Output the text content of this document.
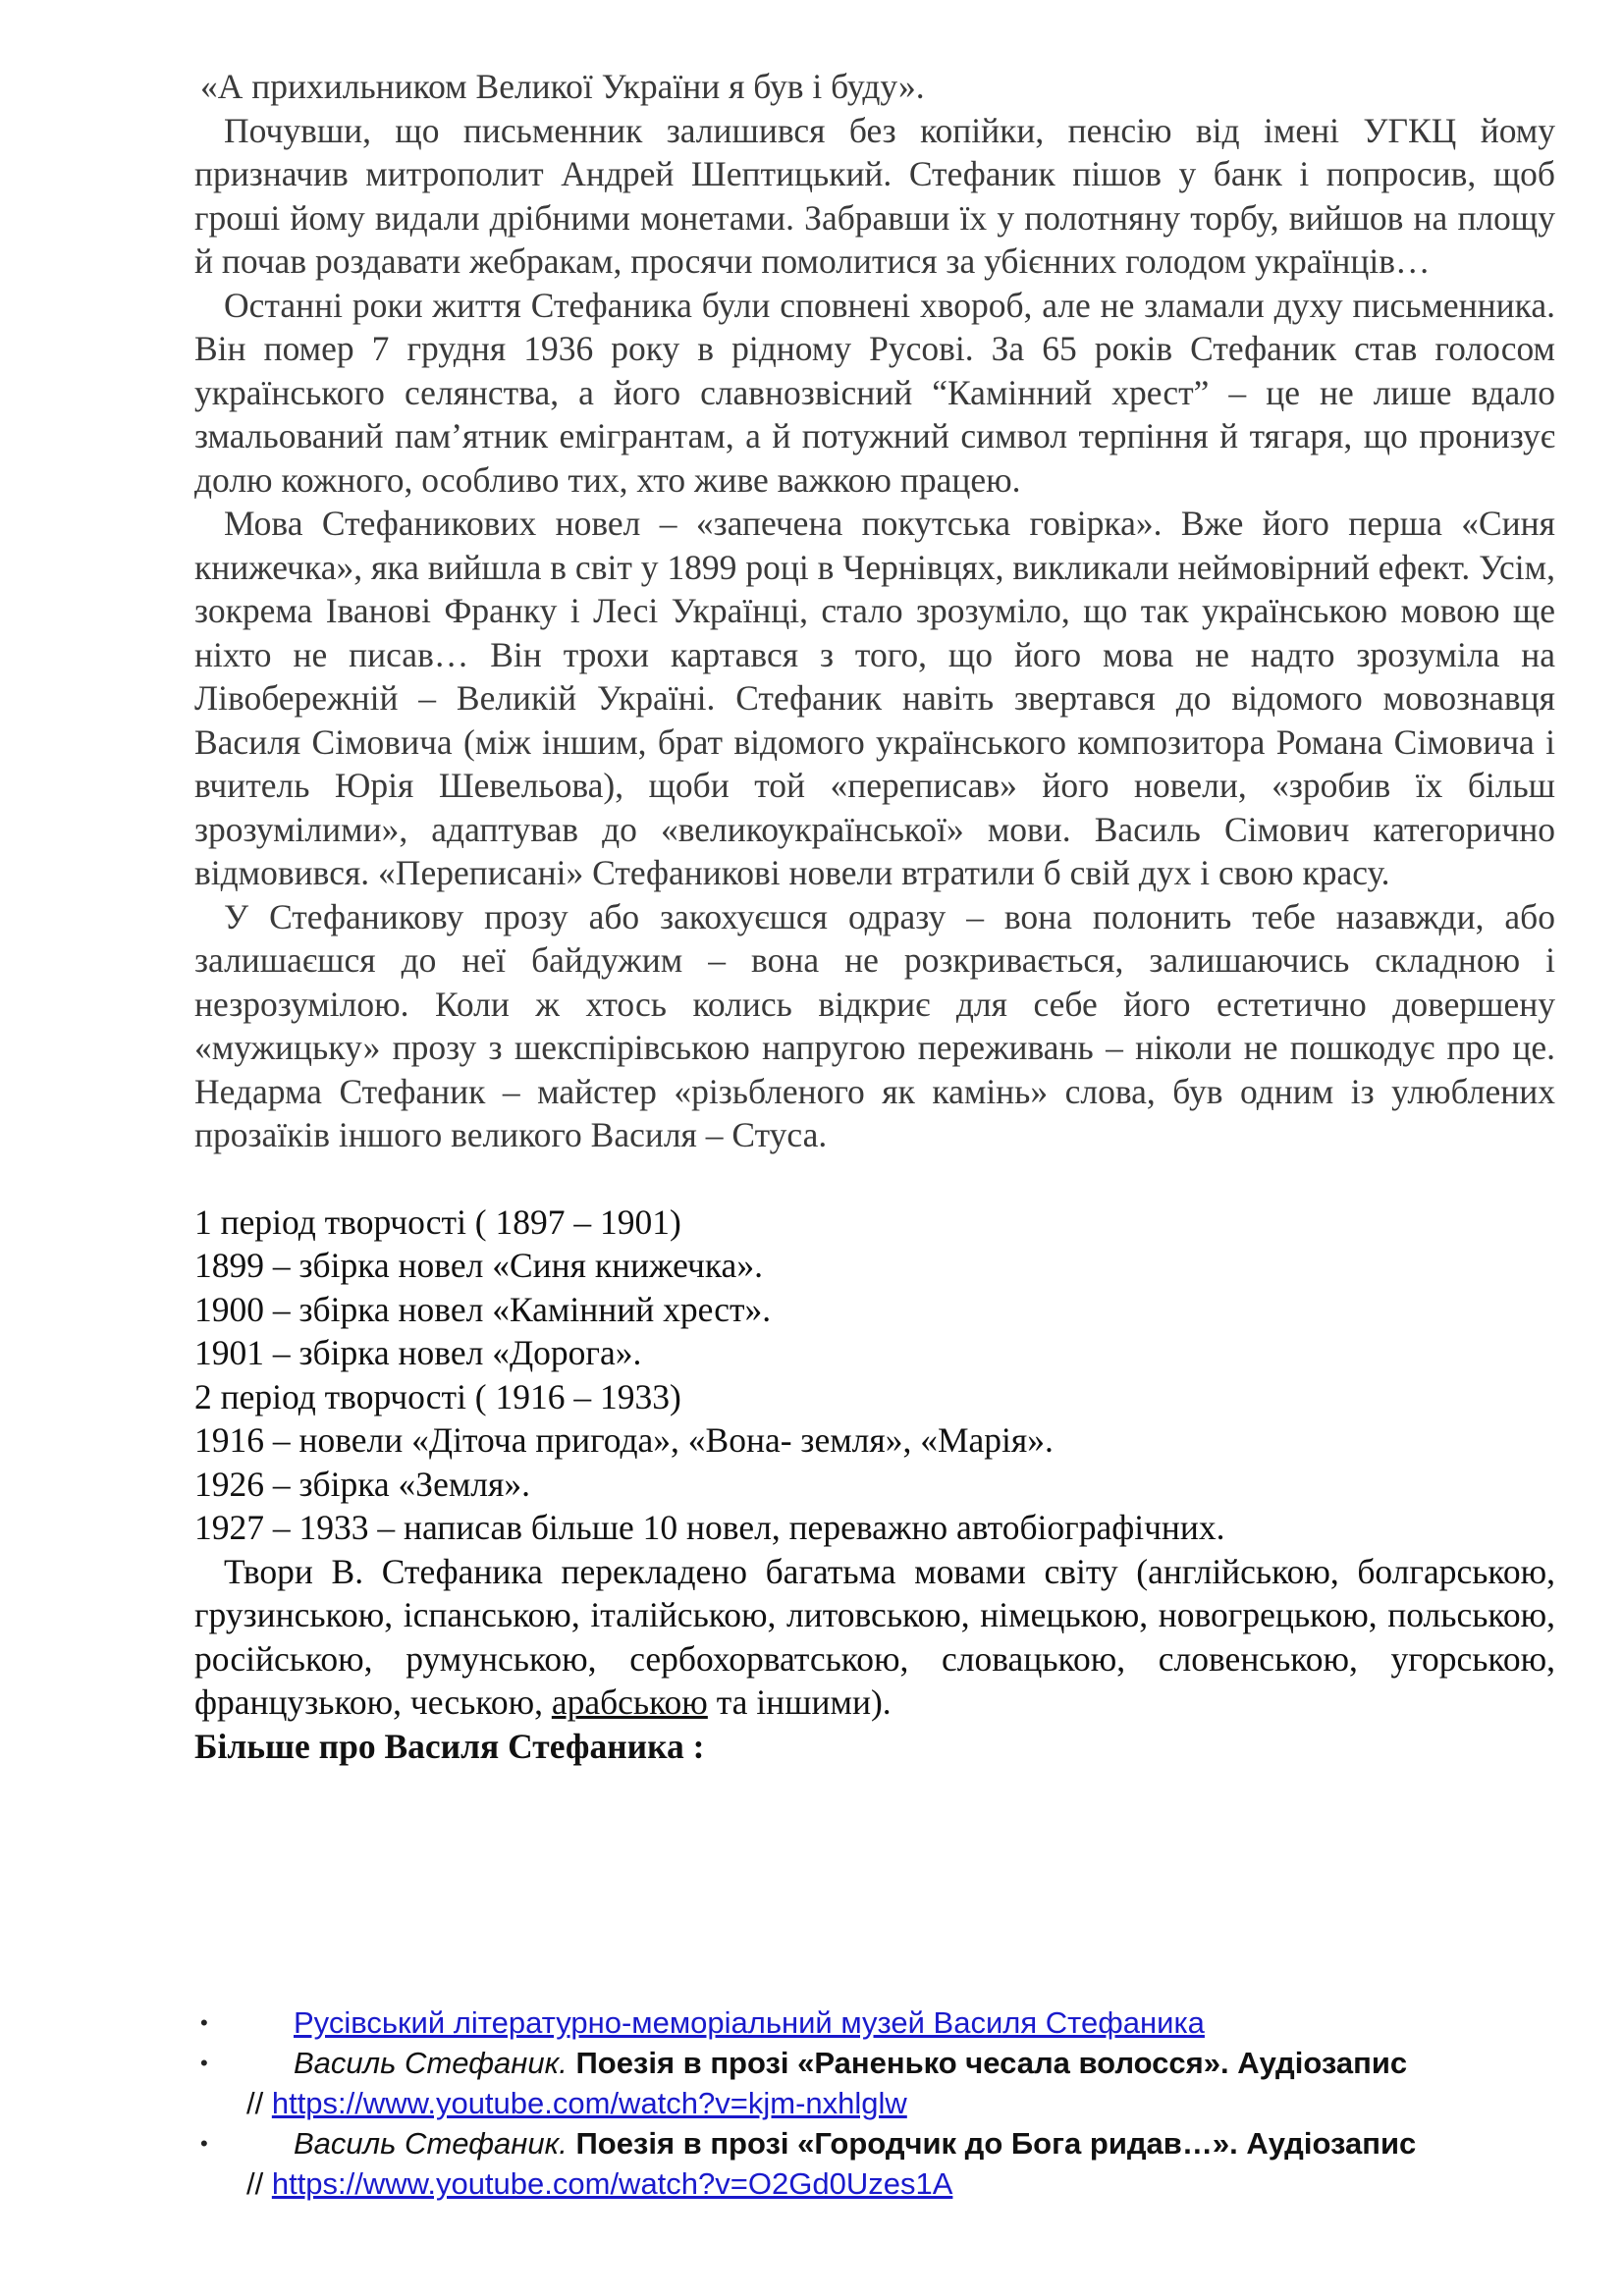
«А прихильником Великої України я був і буду».

Почувши, що письменник залишився без копійки, пенсію від імені УГКЦ йому призначив митрополит Андрей Шептицький. Стефаник пішов у банк і попросив, щоб гроші йому видали дрібними монетами. Забравши їх у полотняну торбу, вийшов на площу й почав роздавати жебракам, просячи помолитися за убієнних голодом українців…

Останні роки життя Стефаника були сповнені хвороб, але не зламали духу письменника. Він помер 7 грудня 1936 року в рідному Русові. За 65 років Стефаник став голосом українського селянства, а його славнозвісний “Камінний хрест” – це не лише вдало змальований пам’ятник емігрантам, а й потужний символ терпіння й тягаря, що пронизує долю кожного, особливо тих, хто живе важкою працею.

Мова Стефаникових новел – «запечена покутська говірка». Вже його перша «Синя книжечка», яка вийшла в світ у 1899 році в Чернівцях, викликали неймовірний ефект. Усім, зокрема Іванові Франку і Лесі Українці, стало зрозуміло, що так українською мовою ще ніхто не писав… Він трохи картався з того, що його мова не надто зрозуміла на Лівобережній – Великій Україні. Стефаник навіть звертався до відомого мовознавця Василя Сімовича (між іншим, брат відомого українського композитора Романа Сімовича і вчитель Юрія Шевельова), щоби той «переписав» його новели, «зробив їх більш зрозумілими», адаптував до «великоукраїнської» мови. Василь Сімович категорично відмовився. «Переписані» Стефаникові новели втратили б свій дух і свою красу.

У Стефаникову прозу або закохуєшся одразу – вона полонить тебе назавжди, або залишаєшся до неї байдужим – вона не розкривається, залишаючись складною і незрозумілою. Коли ж хтось колись відкриє для себе його естетично довершену «мужицьку» прозу з шекспірівською напругою переживань – ніколи не пошкодує про це. Недарма Стефаник – майстер «різьбленого як камінь» слова, був одним із улюблених прозаїків іншого великого Василя – Стуса.

1 період творчості ( 1897 – 1901)

1899 – збірка новел «Синя книжечка».

1900 – збірка новел «Камінний хрест».

1901 – збірка новел «Дорога».

2 період творчості ( 1916 – 1933)

1916 – новели «Діточа пригода», «Вона- земля», «Марія».

1926 – збірка «Земля».

1927 – 1933 – написав більше 10 новел, переважно автобіографічних.

Твори В. Стефаника перекладено багатьма мовами світу (англійською, болгарською, грузинською, іспанською, італійською, литовською, німецькою, новогрецькою, польською, російською, румунською, сербохорватською, словацькою, словенською, угорською, французькою, чеською, арабською та іншими).

Більше про Василя Стефаника :

•	Русівський літературно-меморіальний музей Василя Стефаника
•	Василь Стефаник. Поезія в прозі «Раненько чесала волосся». Аудіозапис
// https://www.youtube.com/watch?v=kjm-nxhlglw
•	Василь Стефаник. Поезія в прозі «Городчик до Бога ридав…». Аудіозапис
// https://www.youtube.com/watch?v=O2Gd0Uzes1A
